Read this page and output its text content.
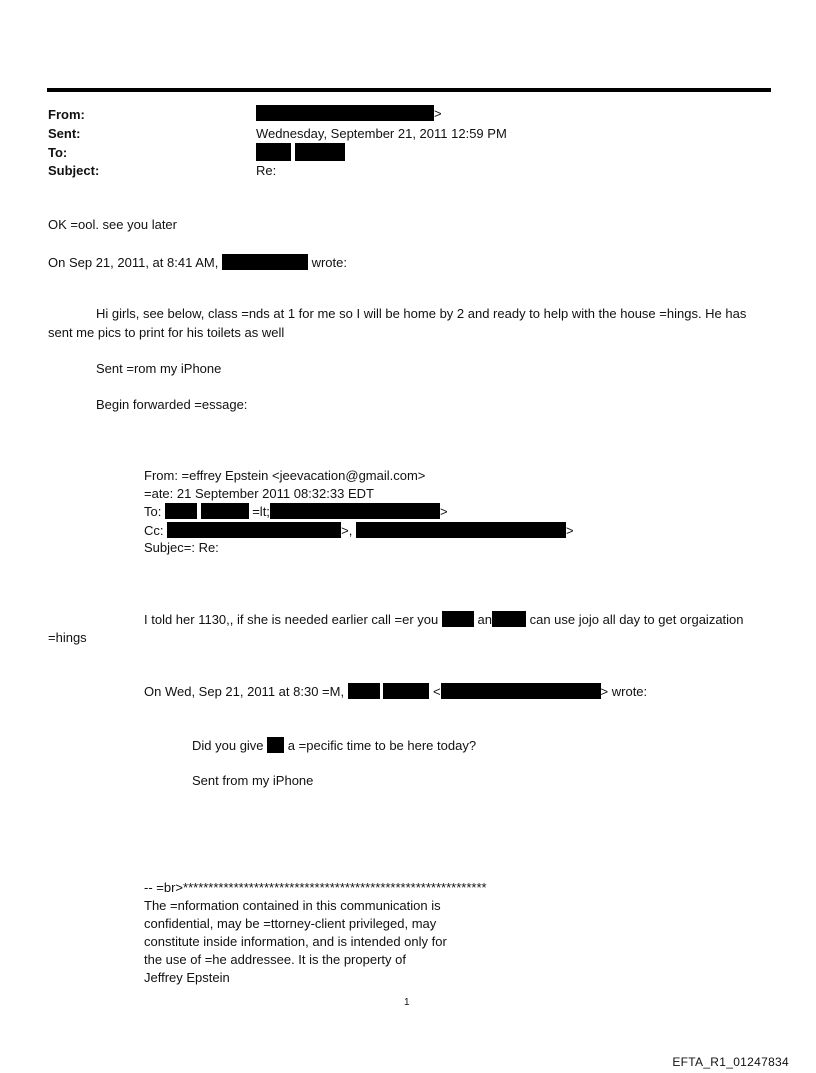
From:	>
Sent:	Wednesday, September 21, 2011 12:59 PM
To:

Subject:	Re:
OK =ool. see you later
On Sep 21, 2011, at 8:41 AM,	wrote:
Hi girls, see below, class =nds at 1 for me so I will be home by 2 and ready to help with the house =hings. He has
sent me pics to print for his toilets as well
Sent =rom my iPhone
Begin forwarded =essage:
From: =effrey Epstein <jeevacation@gmail.com>
=ate: 21 September 2011 08:32:33 EDT
To:	=lt;	>
Cc:	>,	>
Subjec=: Re:
I told her 1130,, if she is needed earlier call =er you	an	can use jojo all day to get orgaization
=hings
On Wed, Sep 21, 2011 at 8:30 =M,	<	> wrote:
Did you give a =pecific time to be here today?
Sent from my iPhone
-- =br>************************************************************
The =nformation contained in this communication is
confidential, may be =ttorney-client privileged, may
constitute inside information, and is intended only for
the use of =he addressee. It is the property of
Jeffrey Epstein
1
EFTA_R1_01247834
